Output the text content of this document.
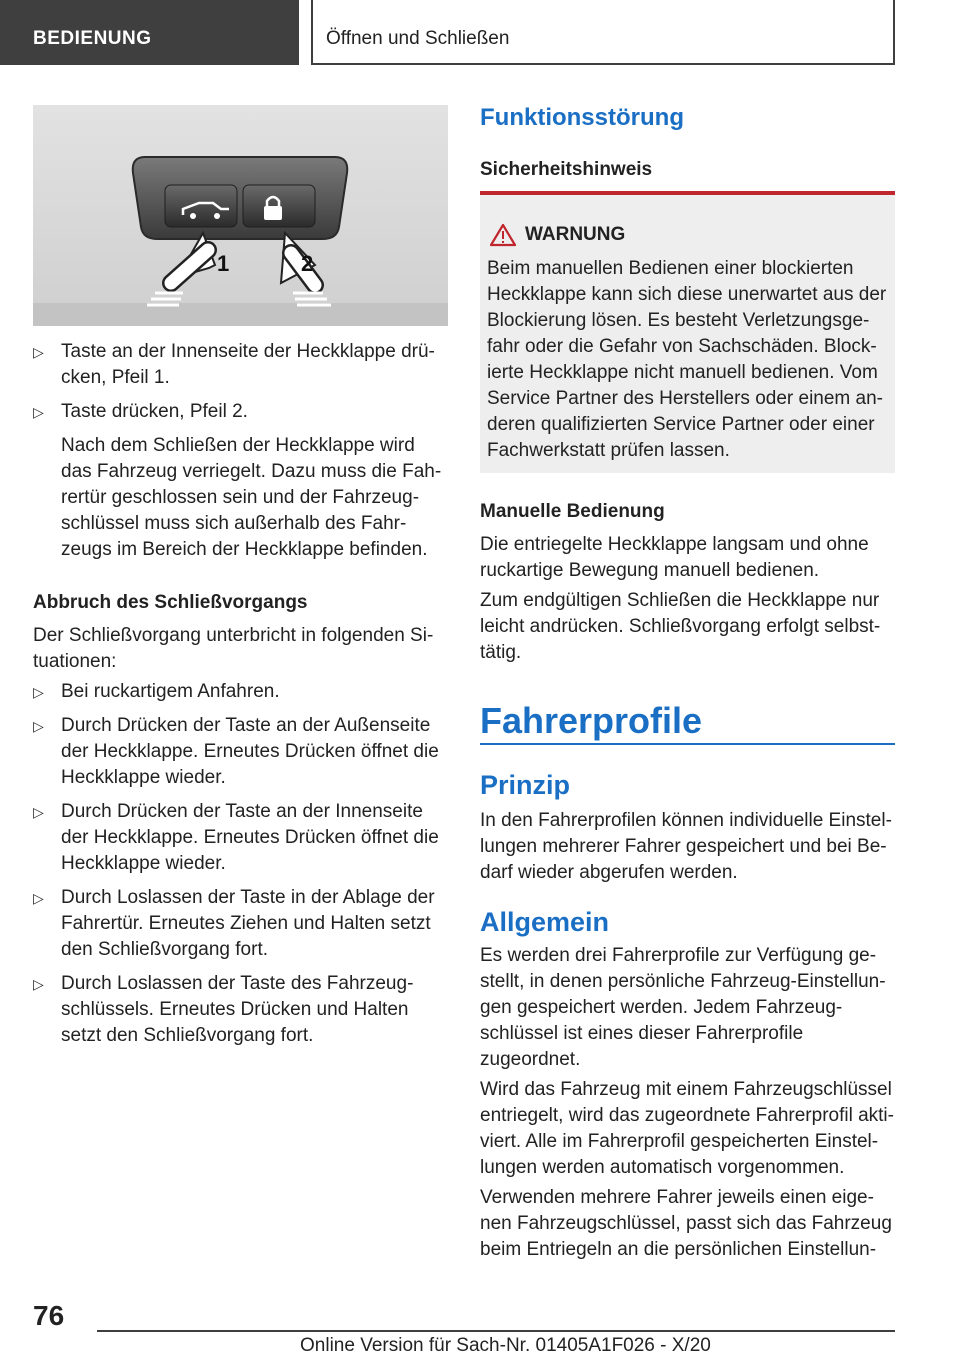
BEDIENUNG	Öffnen und Schließen
1	2
▷ Taste an der Innenseite der Heckklappe drü‐cken, Pfeil 1.
▷ Taste drücken, Pfeil 2.
Nach dem Schließen der Heckklappe wird das Fahrzeug verriegelt. Dazu muss die Fah‐rertür geschlossen sein und der Fahrzeug‐schlüssel muss sich außerhalb des Fahr‐zeugs im Bereich der Heckklappe befinden.
Abbruch des Schließvorgangs

Der Schließvorgang unterbricht in folgenden Si‐tuationen:

▷ Bei ruckartigem Anfahren.
▷ Durch Drücken der Taste an der Außenseite der Heckklappe. Erneutes Drücken öffnet die Heckklappe wieder.
▷ Durch Drücken der Taste an der Innenseite der Heckklappe. Erneutes Drücken öffnet die Heckklappe wieder.
▷ Durch Loslassen der Taste in der Ablage der Fahrertür. Erneutes Ziehen und Halten setzt den Schließvorgang fort.
▷ Durch Loslassen der Taste des Fahrzeug‐schlüssels. Erneutes Drücken und Halten setzt den Schließvorgang fort.
Funktionsstörung
Sicherheitshinweis
WARNUNG

Beim manuellen Bedienen einer blockierten Heckklappe kann sich diese unerwartet aus der Blockierung lösen. Es besteht Verletzungsge‐fahr oder die Gefahr von Sachschäden. Block‐ierte Heckklappe nicht manuell bedienen. Vom Service Partner des Herstellers oder einem an‐deren qualifizierten Service Partner oder einer Fachwerkstatt prüfen lassen.

Manuelle Bedienung

Die entriegelte Heckklappe langsam und ohne ruckartige Bewegung manuell bedienen.

Zum endgültigen Schließen die Heckklappe nur leicht andrücken. Schließvorgang erfolgt selbst‐tätig.

Fahrerprofile
Prinzip

In den Fahrerprofilen können individuelle Einstel‐lungen mehrerer Fahrer gespeichert und bei Be‐darf wieder abgerufen werden.

Allgemein

Es werden drei Fahrerprofile zur Verfügung ge‐stellt, in denen persönliche Fahrzeug‑Einstellun‐gen gespeichert werden. Jedem Fahrzeug‐schlüssel ist eines dieser Fahrerprofile zugeordnet.

Wird das Fahrzeug mit einem Fahrzeugschlüssel entriegelt, wird das zugeordnete Fahrerprofil akti‐viert. Alle im Fahrerprofil gespeicherten Einstel‐lungen werden automatisch vorgenommen.

Verwenden mehrere Fahrer jeweils einen eige‐nen Fahrzeugschlüssel, passt sich das Fahrzeug beim Entriegeln an die persönlichen Einstellun‐

76
Online Version für Sach-Nr. 01405A1F026 - X/20
